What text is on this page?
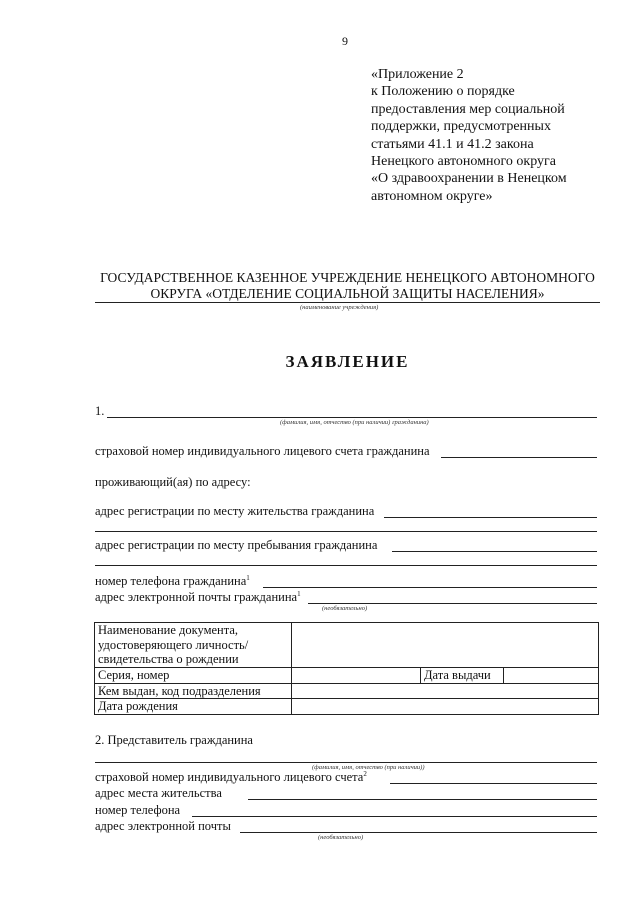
9
«Приложение 2
к Положению о порядке
предоставления мер социальной
поддержки, предусмотренных
статьями 41.1 и 41.2 закона
Ненецкого автономного округа
«О здравоохранении в Ненецком
автономном округе»
ГОСУДАРСТВЕННОЕ КАЗЕННОЕ УЧРЕЖДЕНИЕ НЕНЕЦКОГО АВТОНОМНОГО
ОКРУГА «ОТДЕЛЕНИЕ СОЦИАЛЬНОЙ ЗАЩИТЫ НАСЕЛЕНИЯ»
(наименование учреждения)
ЗАЯВЛЕНИЕ
1.
(фамилия, имя, отчество (при наличии) гражданина)
страховой номер индивидуального лицевого счета гражданина
проживающий(ая) по адресу:
адрес регистрации по месту жительства гражданина
адрес регистрации по месту пребывания гражданина
номер телефона гражданина$^1$
адрес электронной почты гражданина$^1$
(необязательно)
Наименование документа, удостоверяющего личность/ свидетельства о рождении			
Серия, номер		Дата выдачи	
Кем выдан, код подразделения			
Дата рождения			
2. Представитель гражданина
(фамилия, имя, отчество (при наличии))
страховой номер индивидуального лицевого счета$^2$
адрес места жительства
номер телефона
адрес электронной почты
(необязательно)
